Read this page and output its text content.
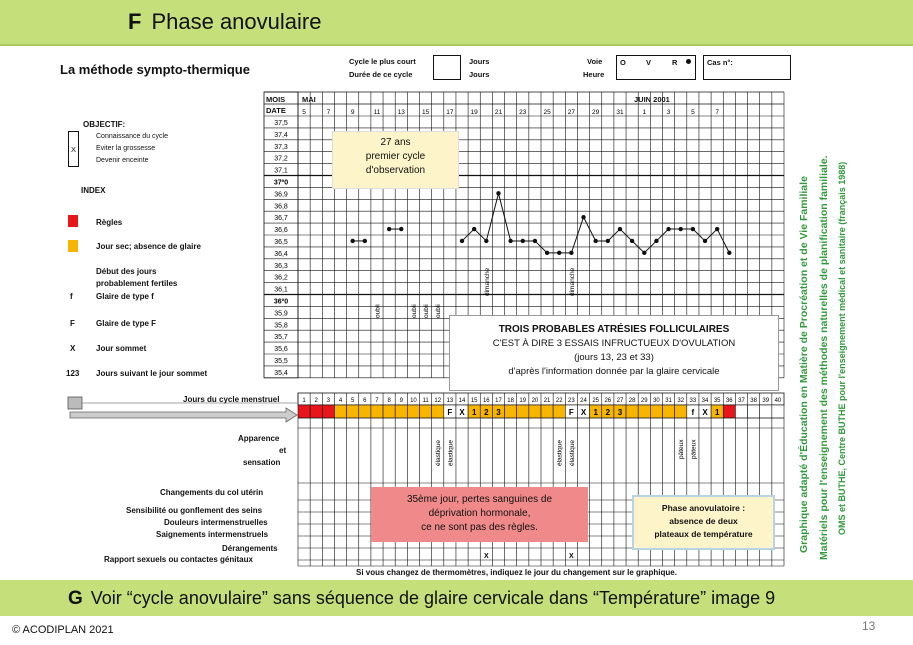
F Phase anovulaire
La méthode sympto-thermique
Cycle le plus court
Durée de ce cycle
Jours
Jours
Voie
Heure
O	V	R	Cas n°:
37,5
37,4
37,3
37,2
37,1
37º0
36,9
36,8
36,7
36,6
36,5
36,4
36,3
36,2
36,1
36º0
35,9
35,8
35,7
35,6
35,5
35,4
5	7	9	11	13	15	17	19	21	23	25	27	29	31	1	3	5	7
1 2 3 4 5 6 7 8 9 10 11 12 13 14 15 16 17 18 19 20 21 22 23 24 25 26 27 28 29 30 31 32 33 34 35 36 37 38 39 40
F X 1 2 3	F X 1 2 3	f X 1
oubli	oubli oubli oubli
dimanche	dimanche
élastique élastique	élastique élastique	pâteux pâteux
X	X
MOIS
DATE
MAI	JUIN 2001
OBJECTIF:
Connaissance du cycle
Eviter la grossesse
Devenir enceinte
X
INDEX
Règles
Jour sec; absence de glaire
Début des jours
probablement fertiles
f	Glaire de type f
F	Glaire de type F
X	Jour sommet
123 Jours suivant le jour sommet
Jours du cycle menstruel
Apparence
et
sensation
Changements du col utérin
Sensibilité ou gonflement des seins
Douleurs intermenstruelles
Saignements intermenstruels
Dérangements
Rapport sexuels ou contactes génitaux
Si vous changez de thermomètres, indiquez le jour du changement sur le graphique.
27 ans
premier cycle
d'observation
TROIS PROBABLES ATRÉSIES FOLLICULAIRES
C'EST À DIRE 3 ESSAIS INFRUCTUEUX D'OVULATION
(jours 13, 23 et 33)
d'après l'information donnée par la glaire cervicale
35ème jour, pertes sanguines de
déprivation hormonale,
ce ne sont pas des règles.
Phase anovulatoire :
absence de deux
plateaux de température	Graphique adapté d'Éducation en Matière de Procréation et de Vie Familiale Matériels pour l'enseignement des méthodes naturelles de planification familiale. OMS et BUTHE, Centre BUTHE pour l'enseignement médical et sanitaire (français 1988)
G Voir “cycle anovulaire” sans séquence de glaire cervicale dans “Température” image 9
© ACODIPLAN 2021	13
